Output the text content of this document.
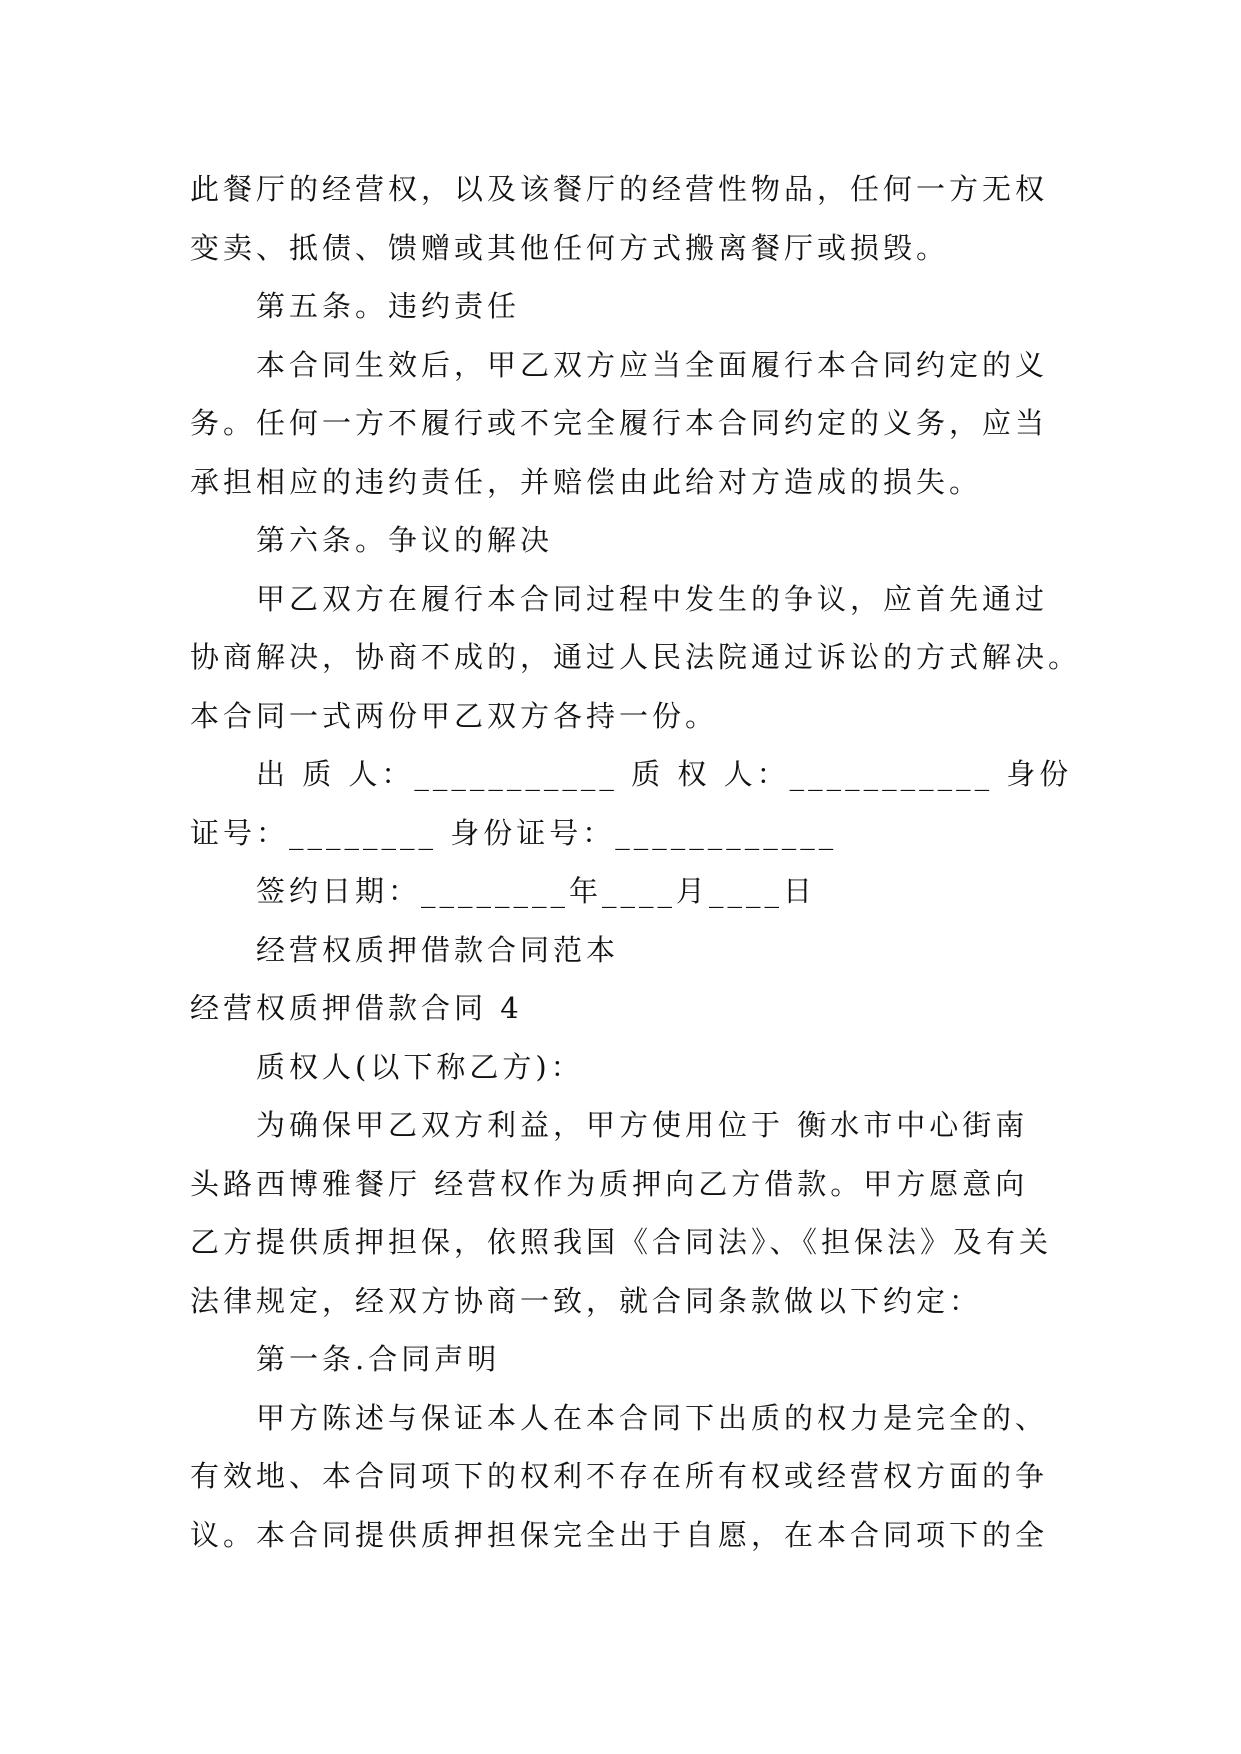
此餐厅的经营权，以及该餐厅的经营性物品，任何一方无权
变卖、抵债、馈赠或其他任何方式搬离餐厅或损毁。
第五条。违约责任
本合同生效后，甲乙双方应当全面履行本合同约定的义
务。任何一方不履行或不完全履行本合同约定的义务，应当
承担相应的违约责任，并赔偿由此给对方造成的损失。
第六条。争议的解决
甲乙双方在履行本合同过程中发生的争议，应首先通过
协商解决，协商不成的，通过人民法院通过诉讼的方式解决。
本合同一式两份甲乙双方各持一份。
出 质 人：___________ 质 权 人：___________ 身份
证号：________ 身份证号：____________
签约日期：________年____月____日
经营权质押借款合同范本
经营权质押借款合同 4
质权人(以下称乙方)：
为确保甲乙双方利益，甲方使用位于 衡水市中心街南
头路西博雅餐厅 经营权作为质押向乙方借款。甲方愿意向
乙方提供质押担保，依照我国《合同法》、《担保法》及有关
法律规定，经双方协商一致，就合同条款做以下约定：
第一条.合同声明
甲方陈述与保证本人在本合同下出质的权力是完全的、
有效地、本合同项下的权利不存在所有权或经营权方面的争
议。本合同提供质押担保完全出于自愿，在本合同项下的全
